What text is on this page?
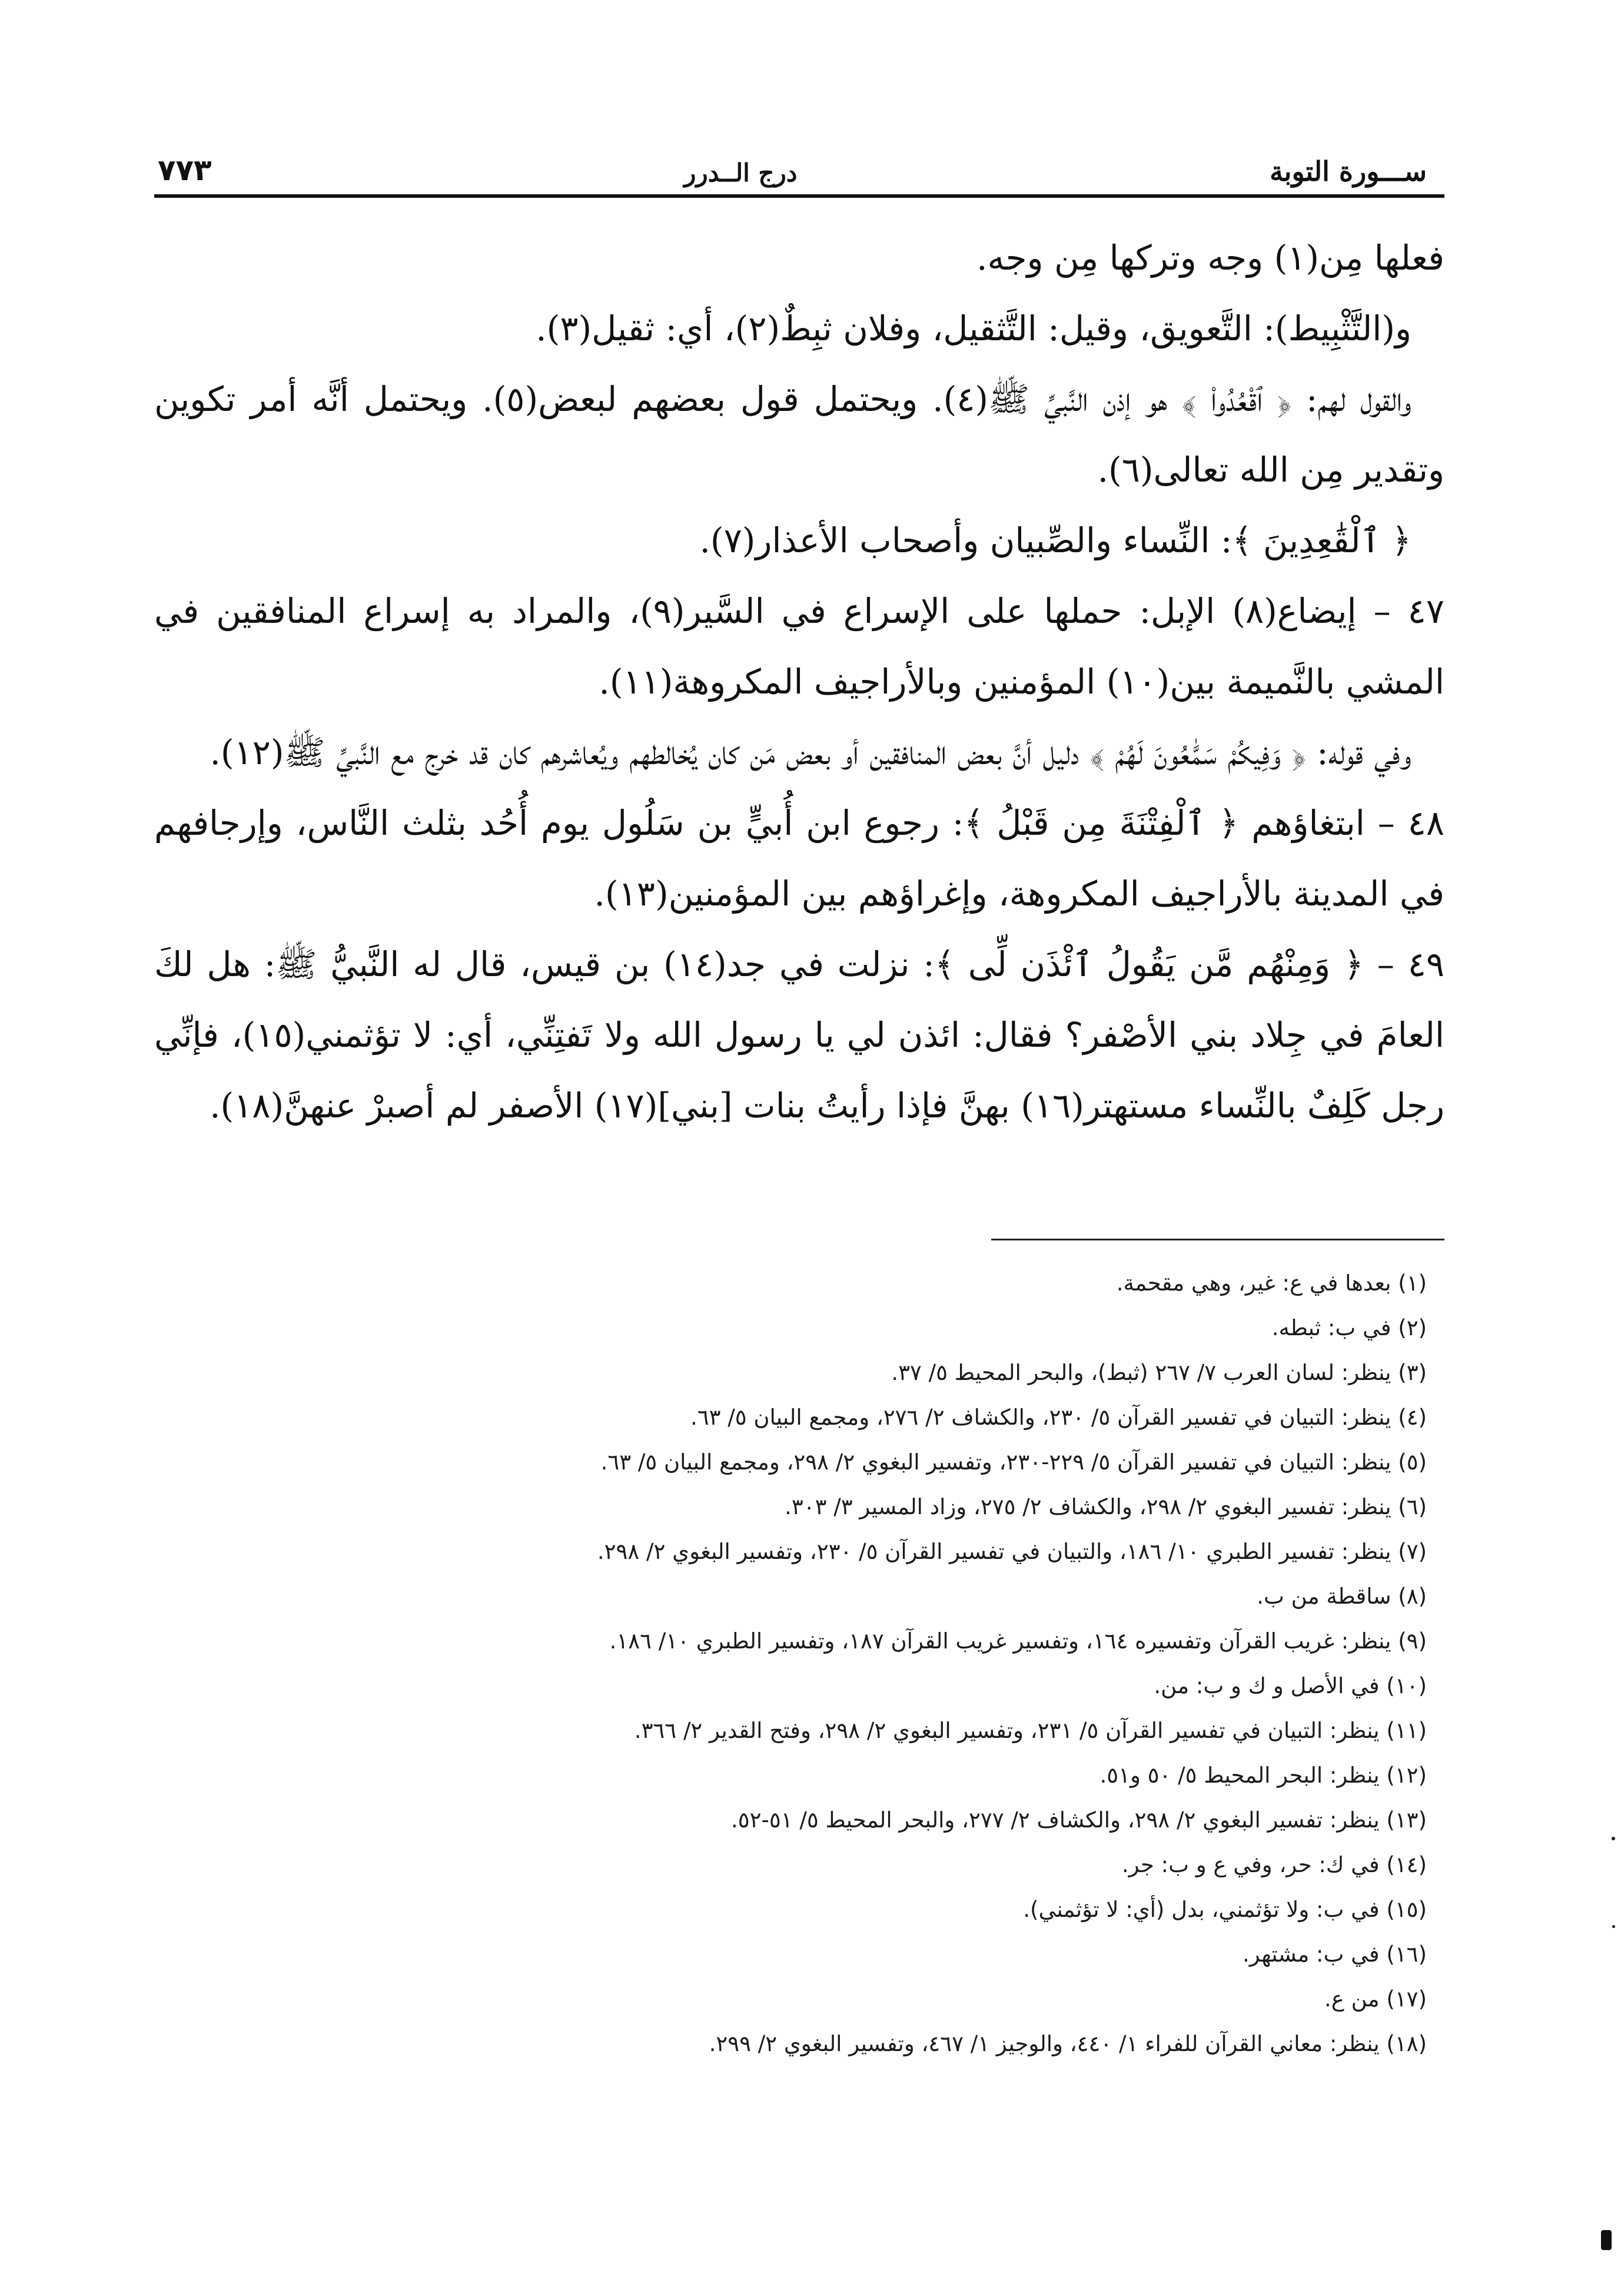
ســـورة التوبة
درج الــدرر
٧٧٣

فعلها مِن(١) وجه وتركها مِن وجه.

و(التَّثْبِيط): التَّعويق، وقيل: التَّثقيل، وفلان ثبِطٌ(٢)، أي: ثقيل(٣).

والقول لهم: ﴿ ٱقْعُدُواْ ﴾ هو إذن النَّبيِّ ﷺ(٤). ويحتمل قول بعضهم لبعض(٥). ويحتمل أنَّه أمر تكوين وتقدير مِن الله تعالى(٦).

﴿ ٱلْقَٰعِدِينَ ﴾: النِّساء والصِّبيان وأصحاب الأعذار(٧).

٤٧ – إيضاع(٨) الإبل: حملها على الإسراع في السَّير(٩)، والمراد به إسراع المنافقين في المشي بالنَّميمة بين(١٠) المؤمنين وبالأراجيف المكروهة(١١).

وفي قوله: ﴿ وَفِيكُمْ سَمَّٰعُونَ لَهُمْ ﴾ دليل أنَّ بعض المنافقين أو بعض مَن كان يُخالطهم ويُعاشرهم كان قد خرج مع النَّبيِّ ﷺ(١٢).

٤٨ – ابتغاؤهم ﴿ ٱلْفِتْنَةَ مِن قَبْلُ ﴾: رجوع ابن أُبيٍّ بن سَلُول يوم أُحُد بثلث النَّاس، وإرجافهم في المدينة بالأراجيف المكروهة، وإغراؤهم بين المؤمنين(١٣).

٤٩ – ﴿ وَمِنْهُم مَّن يَقُولُ ٱئْذَن لِّى ﴾: نزلت في جد(١٤) بن قيس، قال له النَّبيُّ ﷺ: هل لكَ العامَ في جِلاد بني الأصْفر؟ فقال: ائذن لي يا رسول الله ولا تَفتِنِّي، أي: لا تؤثمني(١٥)، فإنِّي رجل كَلِفٌ بالنِّساء مستهتر(١٦) بهنَّ فإذا رأيتُ بنات [بني](١٧) الأصفر لم أصبرْ عنهنَّ(١٨).

(١) بعدها في ع: غير، وهي مقحمة.
(٢) في ب: ثبطه.
(٣) ينظر: لسان العرب ٧/ ٢٦٧ (ثبط)، والبحر المحيط ٥/ ٣٧.
(٤) ينظر: التبيان في تفسير القرآن ٥/ ٢٣٠، والكشاف ٢/ ٢٧٦، ومجمع البيان ٥/ ٦٣.
(٥) ينظر: التبيان في تفسير القرآن ٥/ ٢٢٩-٢٣٠، وتفسير البغوي ٢/ ٢٩٨، ومجمع البيان ٥/ ٦٣.
(٦) ينظر: تفسير البغوي ٢/ ٢٩٨، والكشاف ٢/ ٢٧٥، وزاد المسير ٣/ ٣٠٣.
(٧) ينظر: تفسير الطبري ١٠/ ١٨٦، والتبيان في تفسير القرآن ٥/ ٢٣٠، وتفسير البغوي ٢/ ٢٩٨.
(٨) ساقطة من ب.
(٩) ينظر: غريب القرآن وتفسيره ١٦٤، وتفسير غريب القرآن ١٨٧، وتفسير الطبري ١٠/ ١٨٦.
(١٠) في الأصل و ك و ب: من.
(١١) ينظر: التبيان في تفسير القرآن ٥/ ٢٣١، وتفسير البغوي ٢/ ٢٩٨، وفتح القدير ٢/ ٣٦٦.
(١٢) ينظر: البحر المحيط ٥/ ٥٠ و٥١.
(١٣) ينظر: تفسير البغوي ٢/ ٢٩٨، والكشاف ٢/ ٢٧٧، والبحر المحيط ٥/ ٥١-٥٢.
(١٤) في ك: حر، وفي ع و ب: جر.
(١٥) في ب: ولا تؤثمني، بدل (أي: لا تؤثمني).
(١٦) في ب: مشتهر.
(١٧) من ع.
(١٨) ينظر: معاني القرآن للفراء ١/ ٤٤٠، والوجيز ١/ ٤٦٧، وتفسير البغوي ٢/ ٢٩٩.
